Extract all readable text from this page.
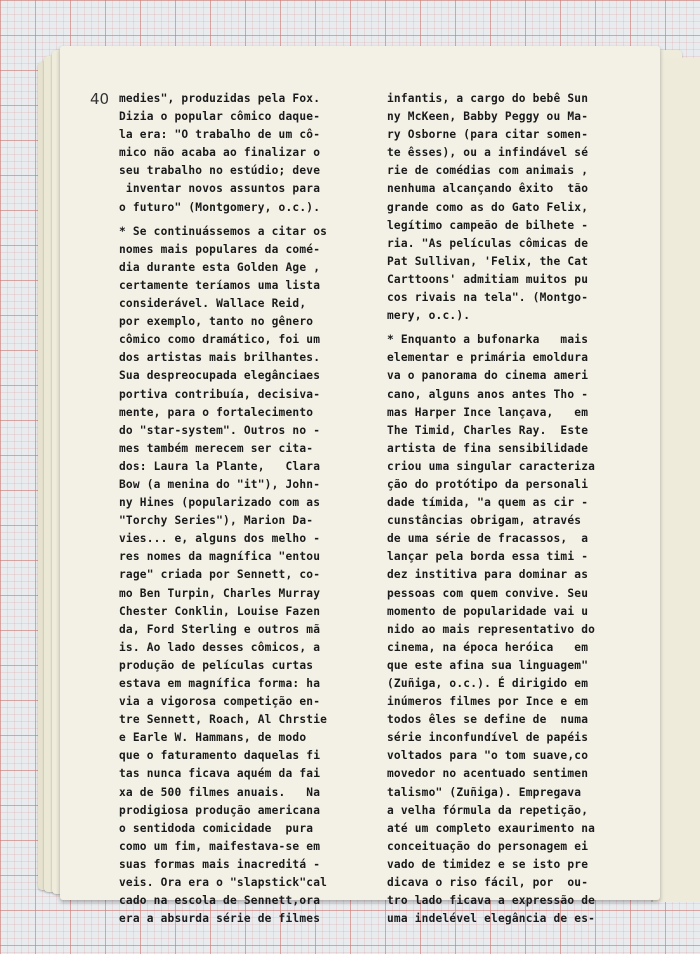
40 medies", produzidas pela Fox.
Dizia o popular cômico daque-
la era: "O trabalho de um cô-
mico não acaba ao finalizar o
seu trabalho no estúdio; deve
inventar novos assuntos para
o futuro" (Montgomery, o.c.).
* Se continuássemos a citar os
nomes mais populares da comé-
dia durante esta Golden Age ,
certamente teríamos uma lista
considerável. Wallace Reid,
por exemplo, tanto no gênero
cômico como dramático, foi um
dos artistas mais brilhantes.
Sua despreocupada elegânciaes
portiva contribuía, decisiva-
mente, para o fortalecimento
do "star-system". Outros no -
mes também merecem ser cita-
dos: Laura la Plante,   Clara
Bow (a menina do "it"), John-
ny Hines (popularizado com as
"Torchy Series"), Marion Da-
vies... e, alguns dos melho -
res nomes da magnífica "entou
rage" criada por Sennett, co-
mo Ben Turpin, Charles Murray
Chester Conklin, Louise Fazen
da, Ford Sterling e outros mã
is. Ao lado desses cômicos, a
produção de películas curtas
estava em magnífica forma: ha
via a vigorosa competição en-
tre Sennett, Roach, Al Chrstie
e Earle W. Hammans, de modo
que o faturamento daquelas fi
tas nunca ficava aquém da fai
xa de 500 filmes anuais.   Na
prodigiosa produção americana
o sentidoda comicidade  pura
como um fim, maifestava-se em
suas formas mais inacreditá -
veis. Ora era o "slapstick"cal
cado na escola de Sennett,ora
era a absurda série de filmes
infantis, a cargo do bebê Sun
ny McKeen, Babby Peggy ou Ma-
ry Osborne (para citar somen-
te êsses), ou a infindável sé
rie de comédias com animais ,
nenhuma alcançando êxito  tão
grande como as do Gato Felix,
legítimo campeão de bilhete -
ria. "As películas cômicas de
Pat Sullivan, 'Felix, the Cat
Carttoons' admitiam muitos pu
cos rivais na tela". (Montgo-
mery, o.c.).
* Enquanto a bufonarka   mais
elementar e primária emoldura
va o panorama do cinema ameri
cano, alguns anos antes Tho -
mas Harper Ince lançava,   em
The Timid, Charles Ray.  Este
artista de fina sensibilidade
criou uma singular caracteriza
ção do protótipo da personali
dade tímida, "a quem as cir -
cunstâncias obrigam, através
de uma série de fracassos,  a
lançar pela borda essa timi -
dez institiva para dominar as
pessoas com quem convive. Seu
momento de popularidade vai u
nido ao mais representativo do
cinema, na época heróica   em
que este afina sua linguagem"
(Zuñiga, o.c.). É dirigido em
inúmeros filmes por Ince e em
todos êles se define de  numa
série inconfundível de papéis
voltados para "o tom suave,co
movedor no acentuado sentimen
talismo" (Zuñiga). Empregava
a velha fórmula da repetição,
até um completo exaurimento na
conceituação do personagem ei
vado de timidez e se isto pre
dicava o riso fácil, por  ou-
tro lado ficava a expressão de
uma indelével elegância de es-
